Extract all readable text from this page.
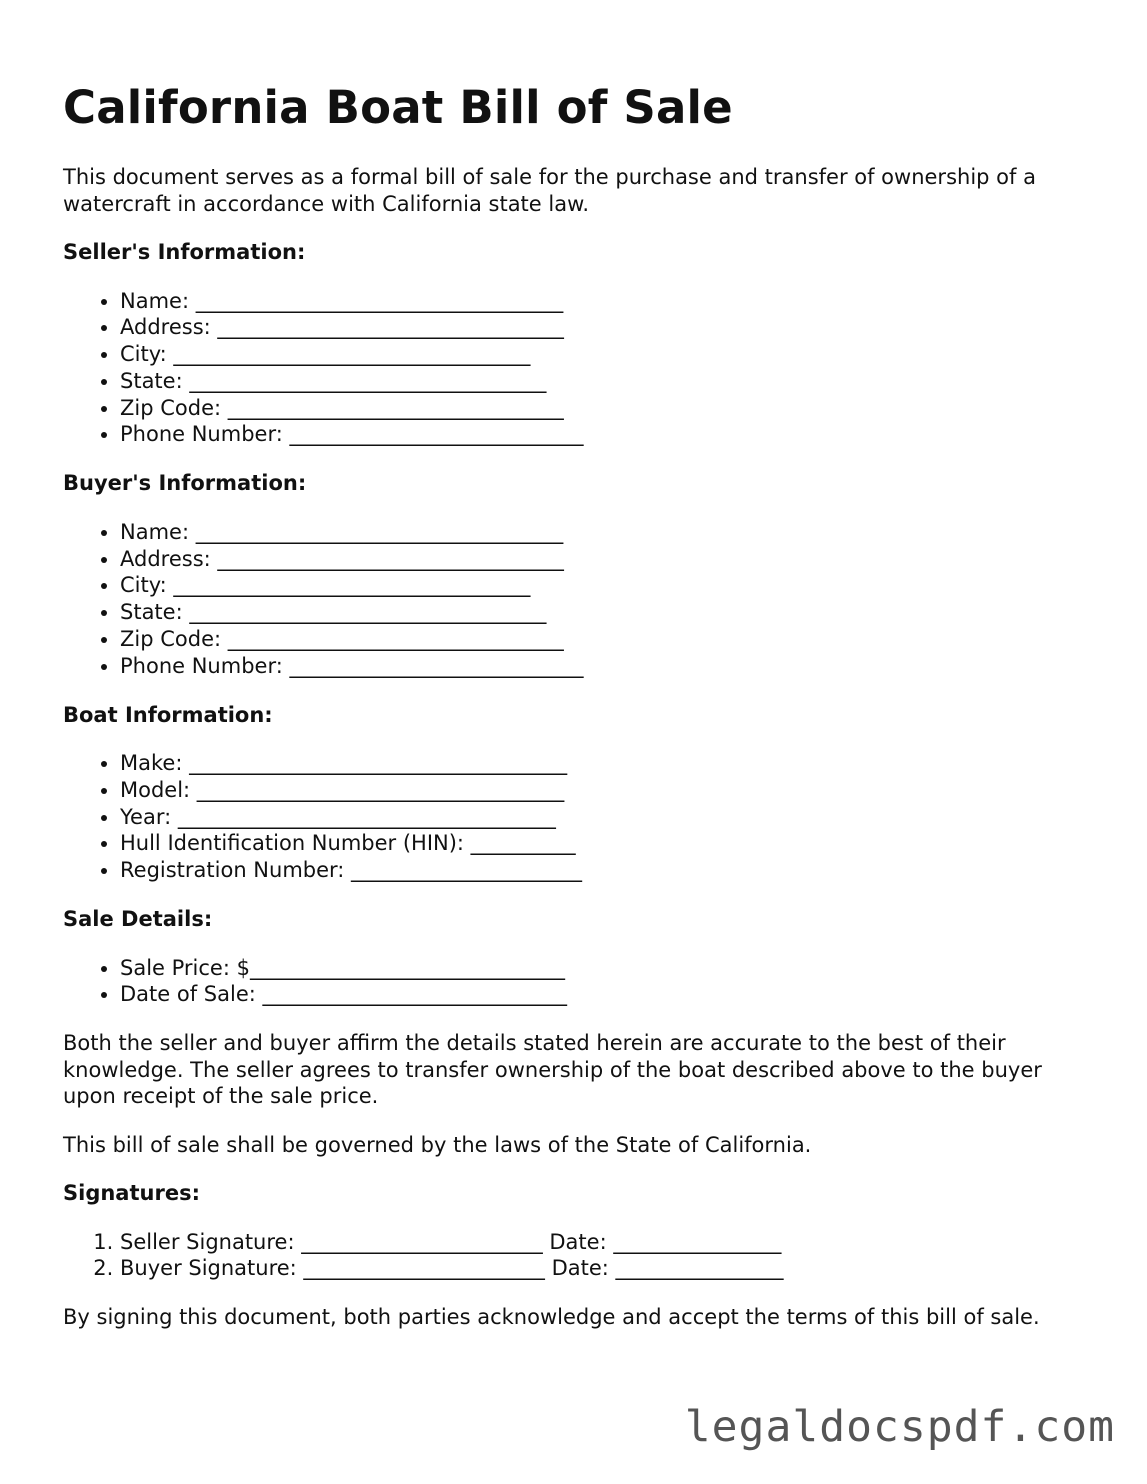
California Boat Bill of Sale

This document serves as a formal bill of sale for the purchase and transfer of ownership of a watercraft in accordance with California state law.

Seller's Information:
• Name: ___________________________________
• Address: _________________________________
• City: __________________________________
• State: __________________________________
• Zip Code: ________________________________
• Phone Number: ____________________________
Buyer's Information:
• Name: ___________________________________
• Address: _________________________________
• City: __________________________________
• State: __________________________________
• Zip Code: ________________________________
• Phone Number: ____________________________
Boat Information:
• Make: ____________________________________
• Model: ___________________________________
• Year: ____________________________________
• Hull Identification Number (HIN): __________
• Registration Number: ______________________
Sale Details:
• Sale Price: $______________________________
• Date of Sale: _____________________________

Both the seller and buyer affirm the details stated herein are accurate to the best of their knowledge. The seller agrees to transfer ownership of the boat described above to the buyer upon receipt of the sale price.

This bill of sale shall be governed by the laws of the State of California.

Signatures:
1. Seller Signature: _______________________ Date: ________________
2. Buyer Signature: _______________________ Date: ________________

By signing this document, both parties acknowledge and accept the terms of this bill of sale.

legaldocspdf.com
